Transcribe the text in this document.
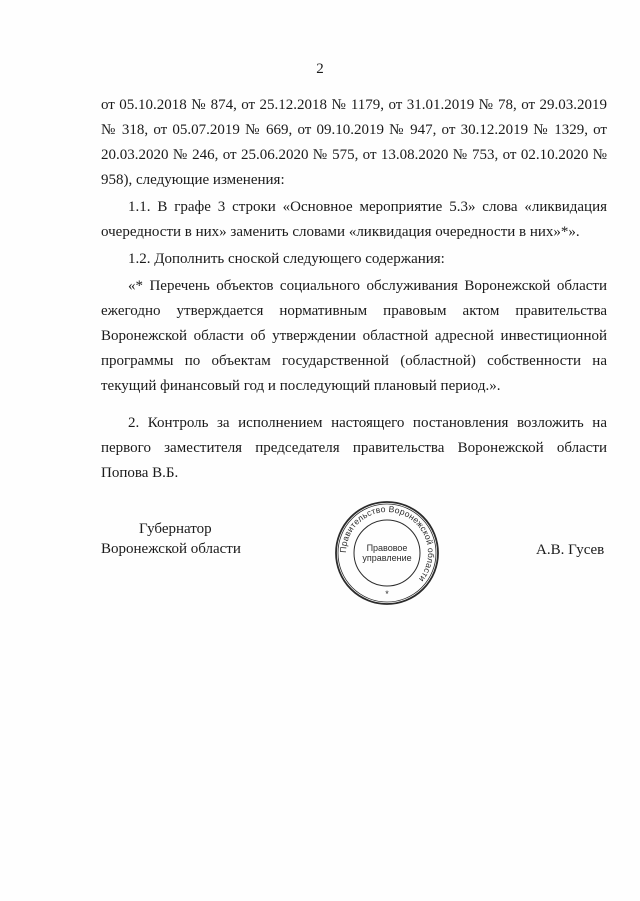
2

от 05.10.2018 № 874, от 25.12.2018 № 1179, от 31.01.2019 № 78, от 29.03.2019 № 318, от 05.07.2019 № 669, от 09.10.2019 № 947, от 30.12.2019 № 1329, от 20.03.2020 № 246, от 25.06.2020 № 575, от 13.08.2020 № 753, от 02.10.2020 № 958), следующие изменения:

1.1. В графе 3 строки «Основное мероприятие 5.3» слова «ликвидация очередности в них» заменить словами «ликвидация очередности в них»*».

1.2. Дополнить сноской следующего содержания:

«* Перечень объектов социального обслуживания Воронежской области ежегодно утверждается нормативным правовым актом правительства Воронежской области об утверждении областной адресной инвестиционной программы по объектам государственной (областной) собственности на текущий финансовый год и последующий плановый период.».

2. Контроль за исполнением настоящего постановления возложить на первого заместителя председателя правительства Воронежской области Попова В.Б.

Губернатор
Воронежской области	Правительство Воронежской области
Правовое
управление
*
А.В. Гусев
